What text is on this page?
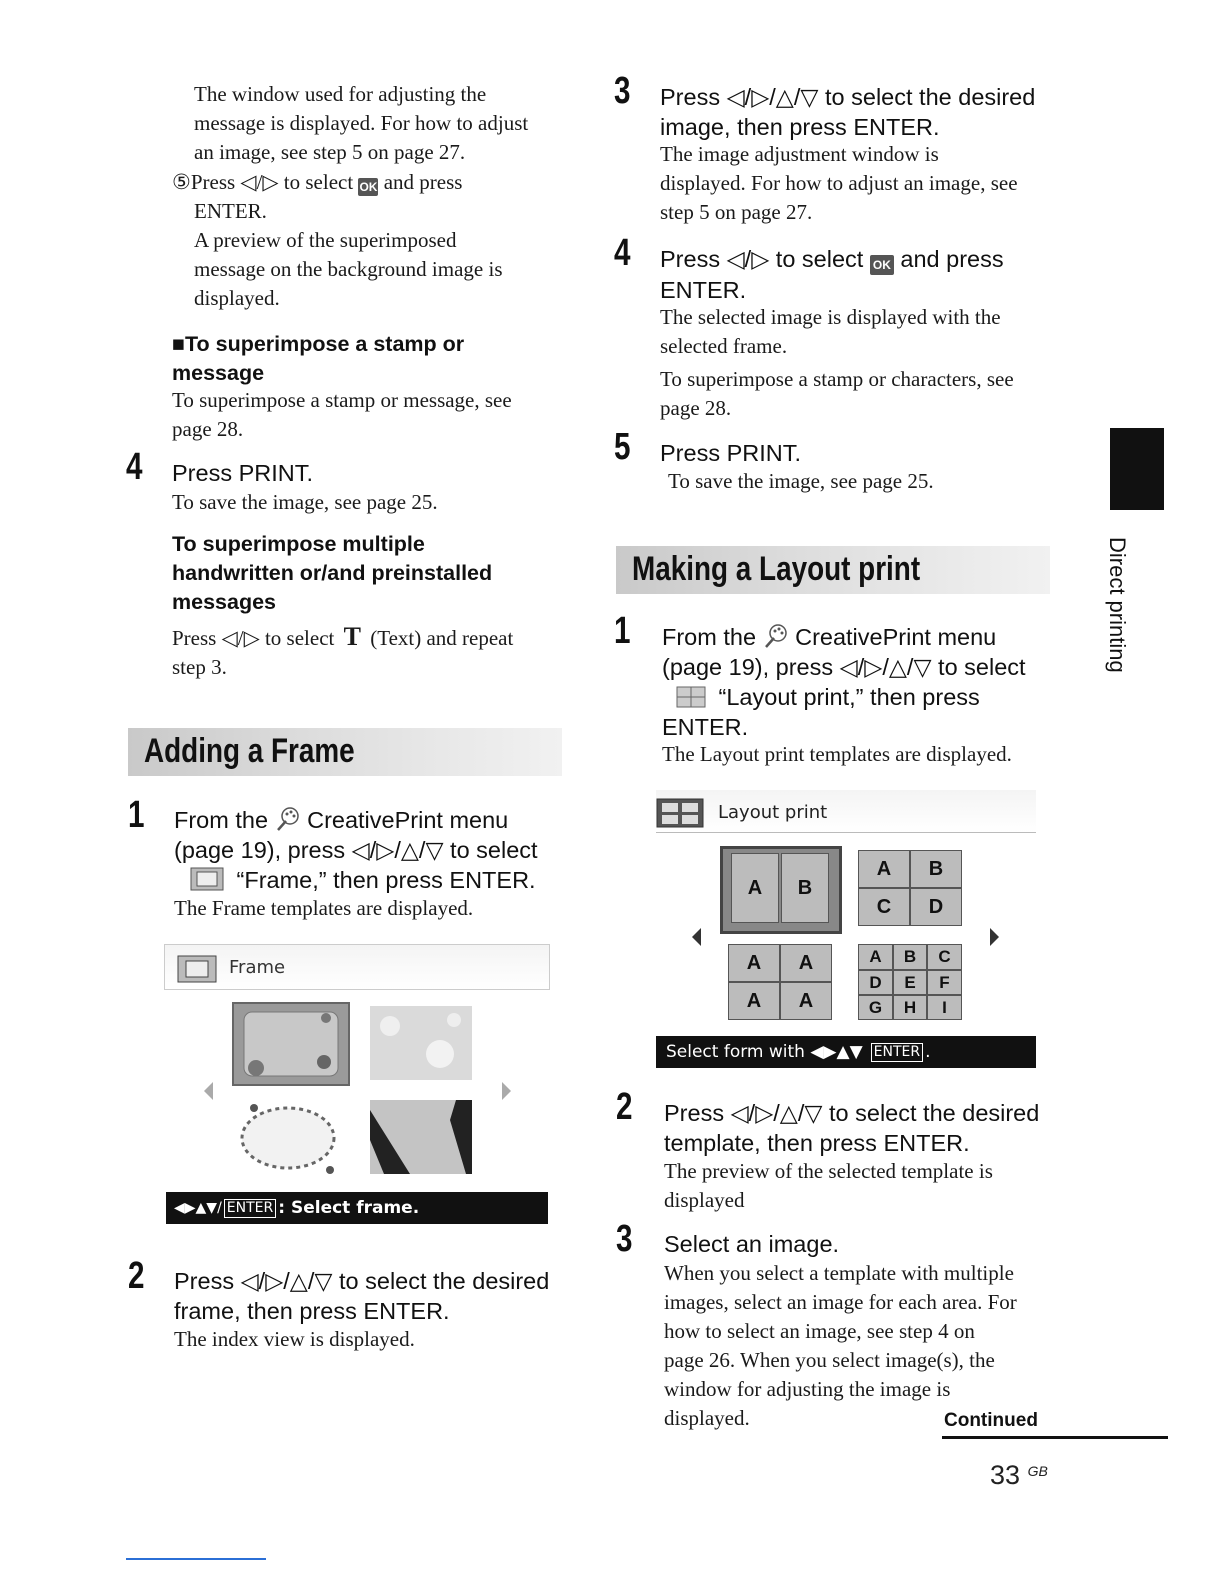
The window used for adjusting the
message is displayed. For how to adjust
an image, see step 5 on page 27.
⑤Press ◁/▷ to select OK and press
ENTER.
A preview of the superimposed
message on the background image is
displayed.
■To superimpose a stamp or
message
To superimpose a stamp or message, see
page 28.
4 Press PRINT.
To save the image, see page 25.
To superimpose multiple
handwritten or/and preinstalled
messages
Press ◁/▷ to select T (Text) and repeat
step 3.
Adding a Frame
1 From the CreativePrint menu
(page 19), press ◁/▷/△/▽ to select
“Frame,” then press ENTER.
The Frame templates are displayed.
Frame
◀▶▲▼/ ENTER : Select frame.
2 Press ◁/▷/△/▽ to select the desired
frame, then press ENTER.
The index view is displayed.
3 Press ◁/▷/△/▽ to select the desired
image, then press ENTER.
The image adjustment window is
displayed. For how to adjust an image, see
step 5 on page 27.
4 Press ◁/▷ to select OK and press
ENTER.
The selected image is displayed with the
selected frame.
To superimpose a stamp or characters, see
page 28.
5 Press PRINT.
To save the image, see page 25.
Making a Layout print
1 From the CreativePrint menu
(page 19), press ◁/▷/△/▽ to select
“Layout print,” then press
ENTER.
The Layout print templates are displayed.
Layout print
A	B
A	B
C	D
A	A
A	A
A	B	C
D	E	F
G	H	I
Select form with ◀▶▲▼ ENTER .
2 Press ◁/▷/△/▽ to select the desired
template, then press ENTER.
The preview of the selected template is
displayed
3 Select an image.
When you select a template with multiple
images, select an image for each area. For
how to select an image, see step 4 on
page 26. When you select image(s), the
window for adjusting the image is
displayed.	Continued
Direct printing
33 $^{GB}$
